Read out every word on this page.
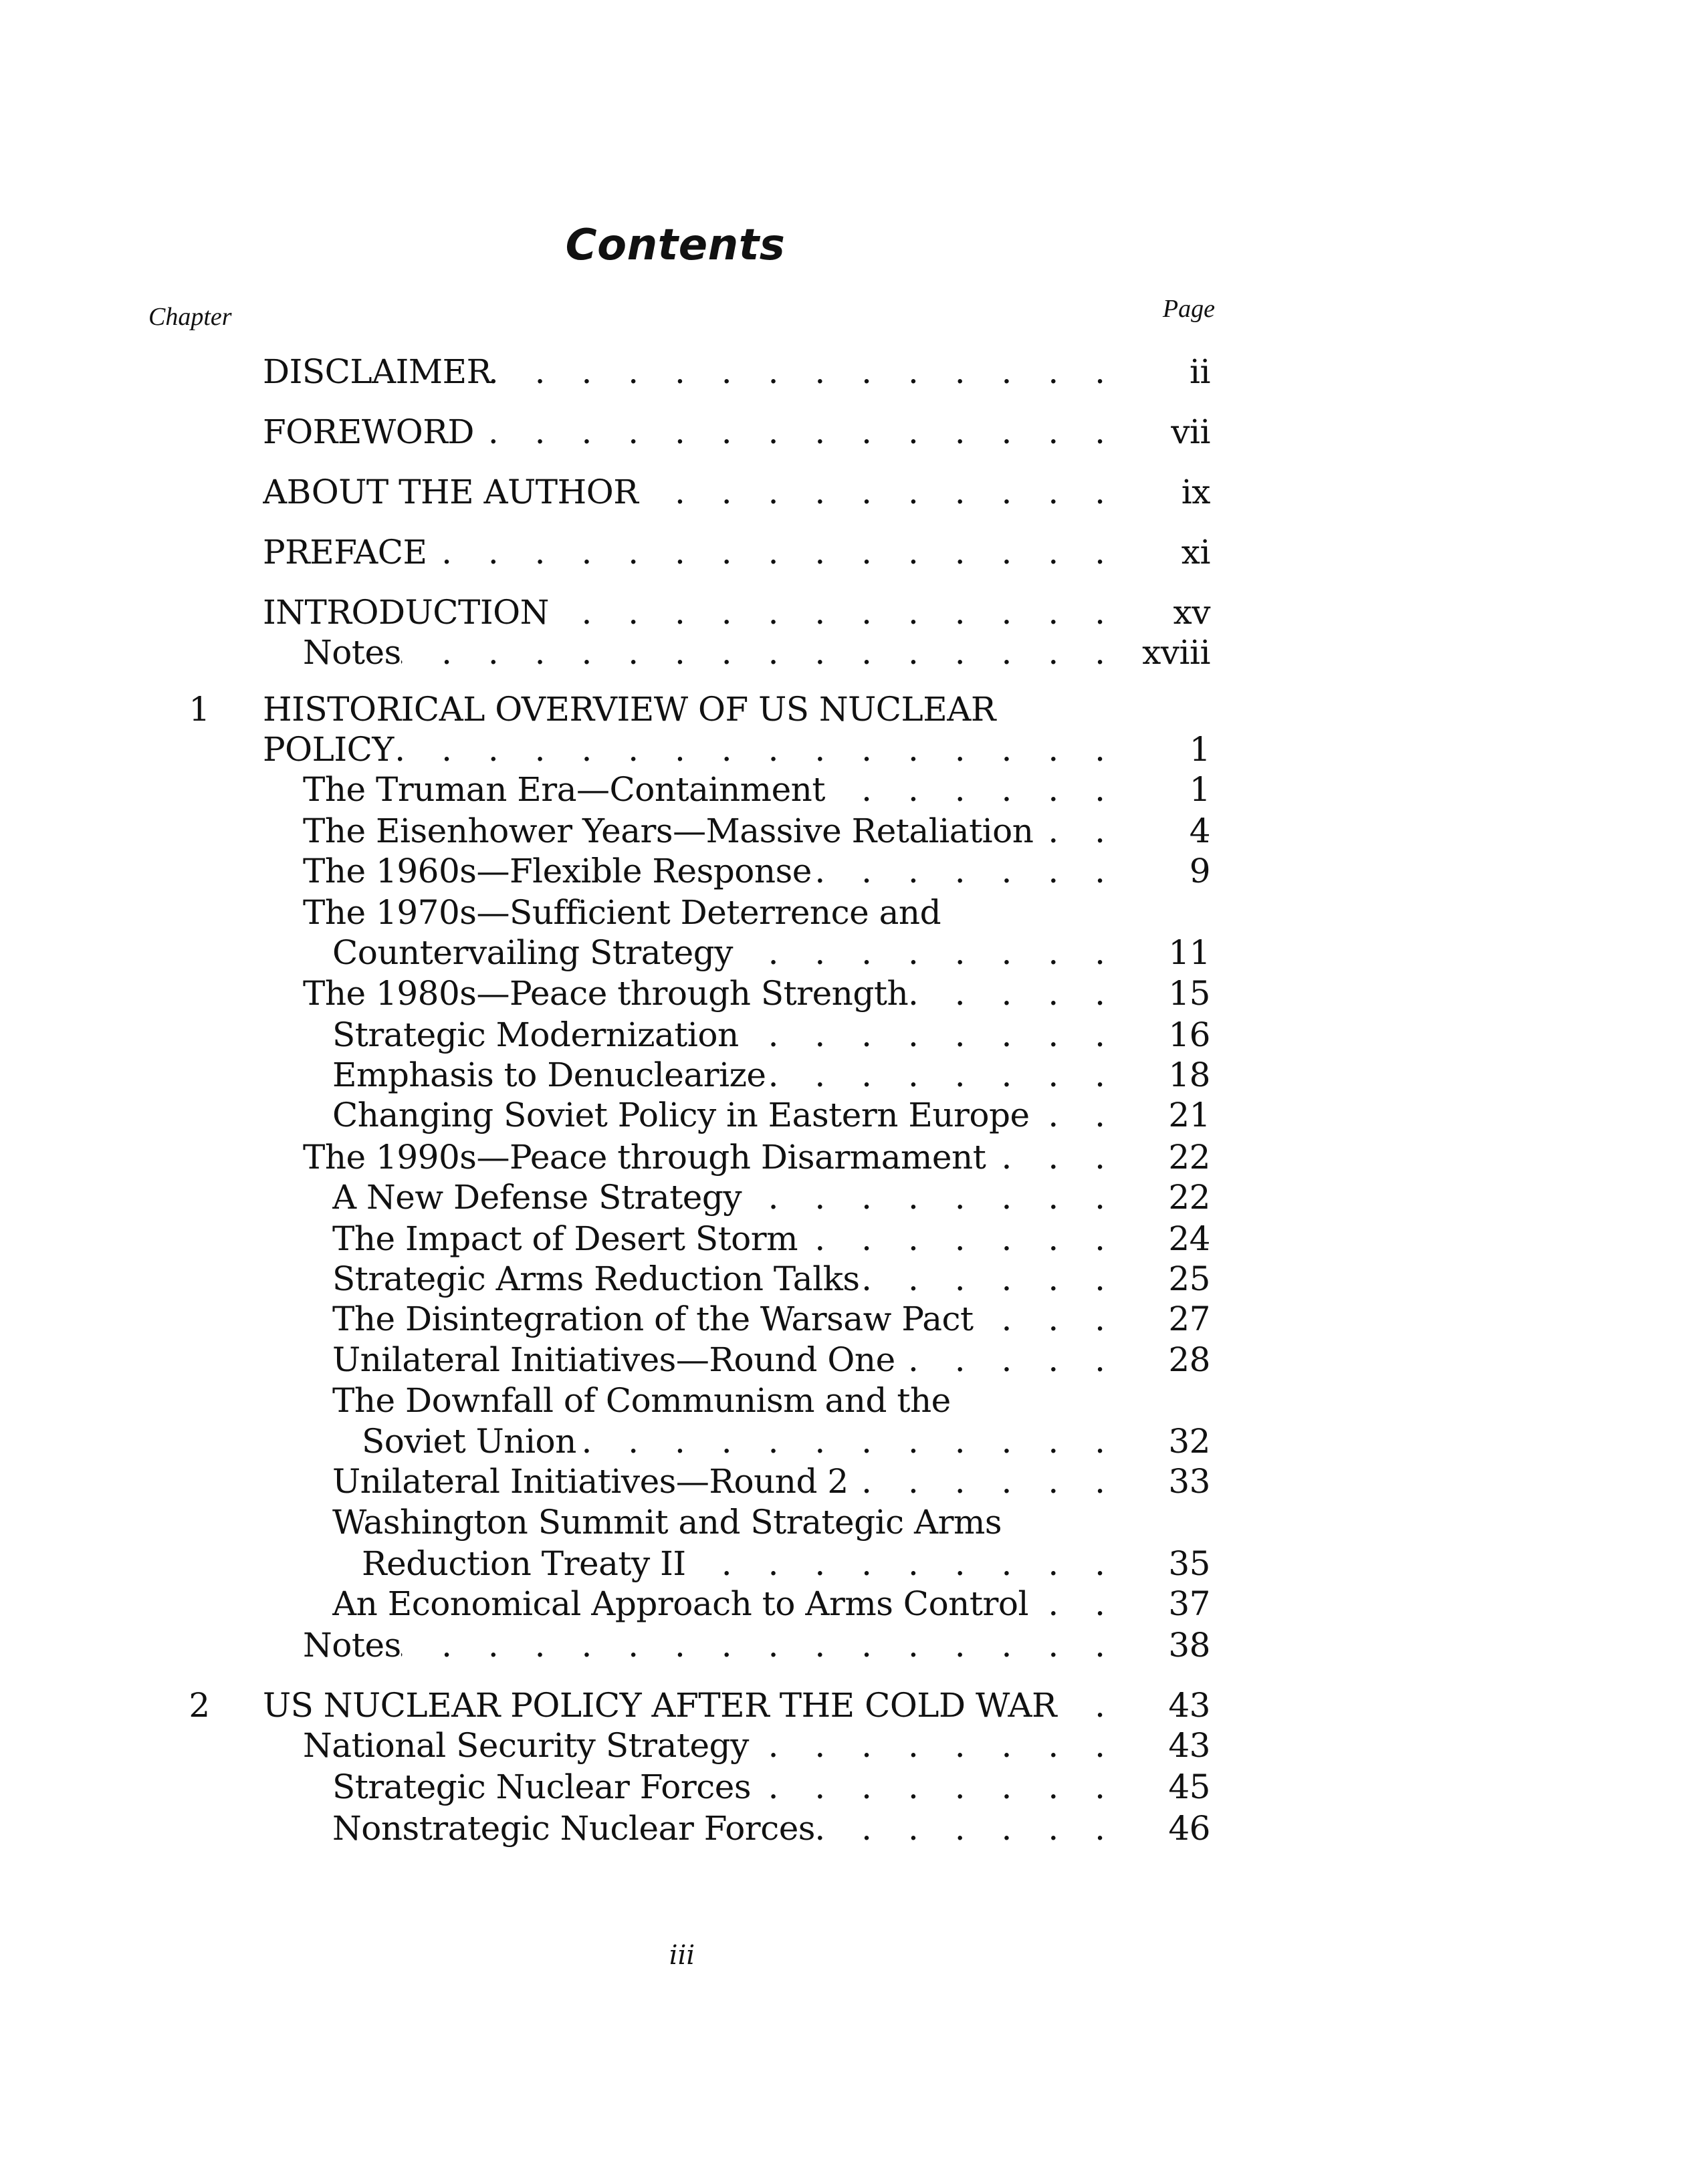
Contents
Chapter	Page
DISCLAIMER . . .	ii
FOREWORD . . .	vii
ABOUT THE AUTHOR . . .	ix
PREFACE . . .	xi
INTRODUCTION . . .	xv
Notes . . .	xviii
1 HISTORICAL OVERVIEW OF US NUCLEAR
POLICY . . .	1
The Truman Era—Containment . . .	1
The Eisenhower Years—Massive Retaliation . . .	4
The 1960s—Flexible Response . . .	9
The 1970s—Sufficient Deterrence and
Countervailing Strategy . . .	11
The 1980s—Peace through Strength . . .	15
Strategic Modernization . . .	16
Emphasis to Denuclearize . . .	18
Changing Soviet Policy in Eastern Europe . . .	21
The 1990s—Peace through Disarmament . . .	22
A New Defense Strategy . . .	22
The Impact of Desert Storm . . .	24
Strategic Arms Reduction Talks . . .	25
The Disintegration of the Warsaw Pact . . .	27
Unilateral Initiatives—Round One . . .	28
The Downfall of Communism and the
Soviet Union . . .	32
Unilateral Initiatives—Round 2 . . .	33
Washington Summit and Strategic Arms
Reduction Treaty II . . .	35
An Economical Approach to Arms Control . . .	37
Notes . . .	38
2 US NUCLEAR POLICY AFTER THE COLD WAR . . .	43
National Security Strategy . . .	43
Strategic Nuclear Forces . . .	45
Nonstrategic Nuclear Forces . . .	46
iii
